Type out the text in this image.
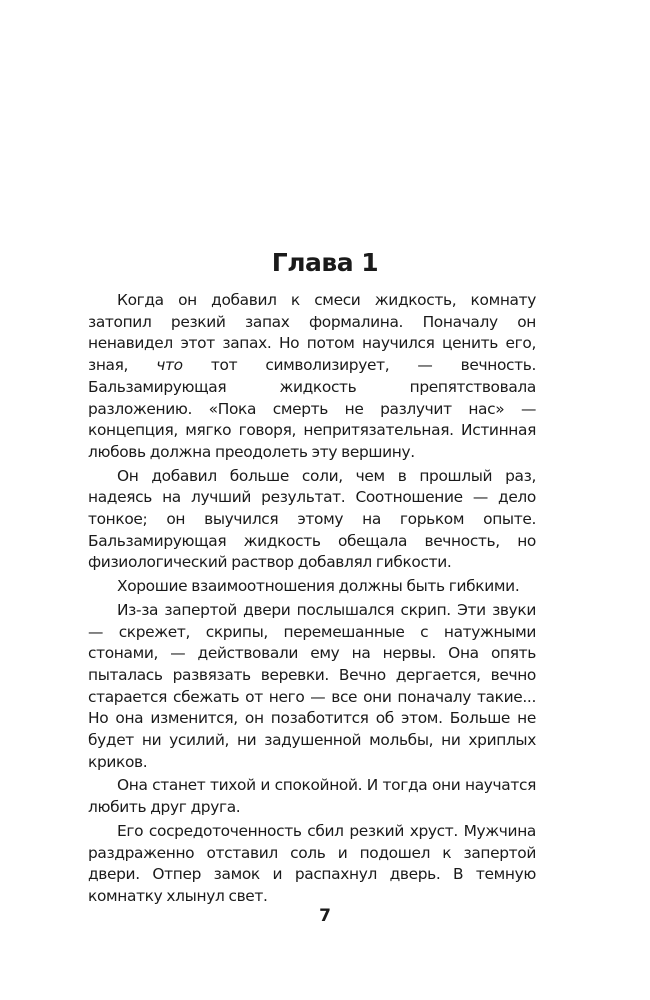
Глава 1

Когда он добавил к смеси жидкость, комнату затопил резкий запах формалина. Поначалу он ненавидел этот запах. Но потом научился ценить его, зная, что тот символизирует, — вечность. Бальзамирующая жидкость препятствовала разложению. «Пока смерть не разлучит нас» — концепция, мягко говоря, непритязательная. Истинная любовь должна преодолеть эту вершину.

Он добавил больше соли, чем в прошлый раз, надеясь на лучший результат. Соотношение — дело тонкое; он выучился этому на горьком опыте. Бальзамирующая жидкость обещала вечность, но физиологический раствор добавлял гибкости.

Хорошие взаимоотношения должны быть гибкими.

Из-за запертой двери послышался скрип. Эти звуки — скрежет, скрипы, перемешанные с натужными стонами, — действовали ему на нервы. Она опять пыталась развязать веревки. Вечно дергается, вечно старается сбежать от него — все они поначалу такие... Но она изменится, он позаботится об этом. Больше не будет ни усилий, ни задушенной мольбы, ни хриплых криков.

Она станет тихой и спокойной. И тогда они научатся любить друг друга.

Его сосредоточенность сбил резкий хруст. Мужчина раздраженно отставил соль и подошел к запертой двери. Отпер замок и распахнул дверь. В темную комнатку хлынул свет.

7
